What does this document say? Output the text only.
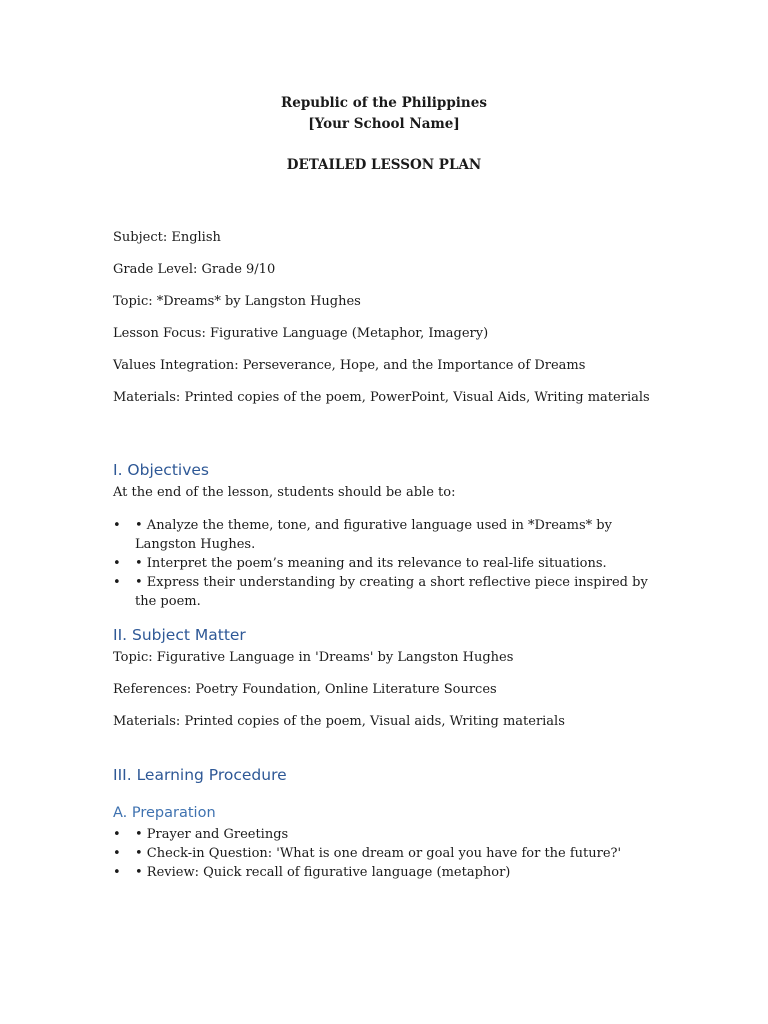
Republic of the Philippines
[Your School Name]
DETAILED LESSON PLAN
Subject: English
Grade Level: Grade 9/10
Topic: *Dreams* by Langston Hughes
Lesson Focus: Figurative Language (Metaphor, Imagery)
Values Integration: Perseverance, Hope, and the Importance of Dreams
Materials: Printed copies of the poem, PowerPoint, Visual Aids, Writing materials
I. Objectives
At the end of the lesson, students should be able to:
• • Analyze the theme, tone, and figurative language used in *Dreams* by Langston Hughes.
• • Interpret the poem’s meaning and its relevance to real-life situations.
• • Express their understanding by creating a short reflective piece inspired by the poem.
II. Subject Matter
Topic: Figurative Language in 'Dreams' by Langston Hughes
References: Poetry Foundation, Online Literature Sources
Materials: Printed copies of the poem, Visual aids, Writing materials
III. Learning Procedure
A. Preparation
• • Prayer and Greetings
• • Check-in Question: 'What is one dream or goal you have for the future?'
• • Review: Quick recall of figurative language (metaphor)
